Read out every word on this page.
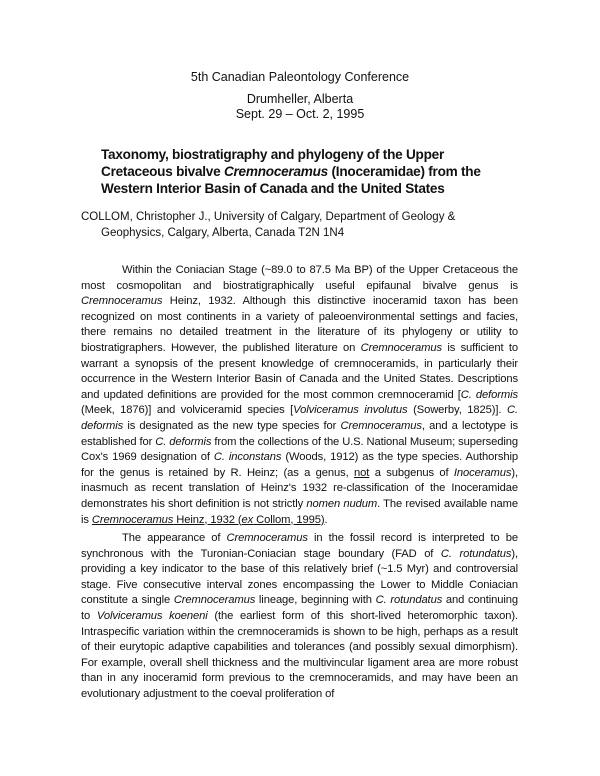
5th Canadian Paleontology Conference
Drumheller, Alberta
Sept. 29 – Oct. 2, 1995
Taxonomy, biostratigraphy and phylogeny of the Upper Cretaceous bivalve Cremnoceramus (Inoceramidae) from the Western Interior Basin of Canada and the United States
COLLOM, Christopher J., University of Calgary, Department of Geology &
Geophysics, Calgary, Alberta, Canada T2N 1N4
Within the Coniacian Stage (~89.0 to 87.5 Ma BP) of the Upper Cretaceous the most cosmopolitan and biostratigraphically useful epifaunal bivalve genus is Cremnoceramus Heinz, 1932. Although this distinctive inoceramid taxon has been recognized on most continents in a variety of paleoenvironmental settings and facies, there remains no detailed treatment in the literature of its phylogeny or utility to biostratigraphers. However, the published literature on Cremnoceramus is sufficient to warrant a synopsis of the present knowledge of cremnoceramids, in particularly their occurrence in the Western Interior Basin of Canada and the United States. Descriptions and updated definitions are provided for the most common cremnoceramid [C. deformis (Meek, 1876)] and volviceramid species [Volviceramus involutus (Sowerby, 1825)]. C. deformis is designated as the new type species for Cremnoceramus, and a lectotype is established for C. deformis from the collections of the U.S. National Museum; superseding Cox's 1969 designation of C. inconstans (Woods, 1912) as the type species. Authorship for the genus is retained by R. Heinz; (as a genus, not a subgenus of Inoceramus), inasmuch as recent translation of Heinz's 1932 re-classification of the Inoceramidae demonstrates his short definition is not strictly nomen nudum. The revised available name is Cremnoceramus Heinz, 1932 (ex Collom, 1995).
The appearance of Cremnoceramus in the fossil record is interpreted to be synchronous with the Turonian-Coniacian stage boundary (FAD of C. rotundatus), providing a key indicator to the base of this relatively brief (~1.5 Myr) and controversial stage. Five consecutive interval zones encompassing the Lower to Middle Coniacian constitute a single Cremnoceramus lineage, beginning with C. rotundatus and continuing to Volviceramus koeneni (the earliest form of this short-lived heteromorphic taxon). Intraspecific variation within the cremnoceramids is shown to be high, perhaps as a result of their eurytopic adaptive capabilities and tolerances (and possibly sexual dimorphism). For example, overall shell thickness and the multivincular ligament area are more robust than in any inoceramid form previous to the cremnoceramids, and may have been an evolutionary adjustment to the coeval proliferation of
